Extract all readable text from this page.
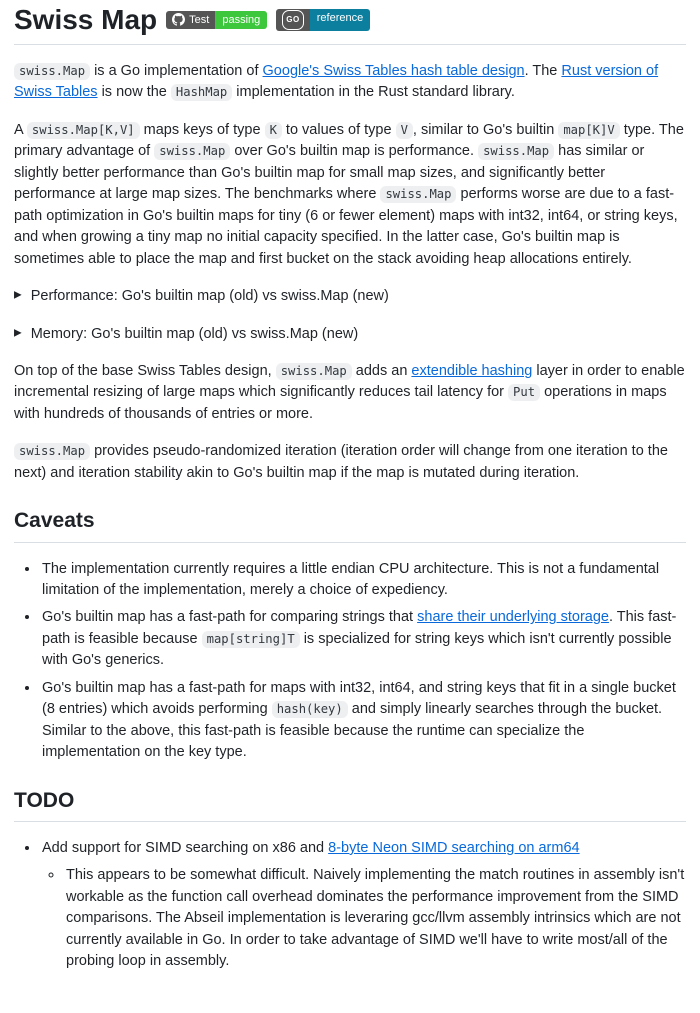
Swiss Map	Test	passing	GO	reference

swiss.Map is a Go implementation of Google's Swiss Tables hash table design. The Rust version of Swiss Tables is now the HashMap implementation in the Rust standard library.

A swiss.Map[K,V] maps keys of type K to values of type V , similar to Go's builtin map[K]V type. The primary advantage of swiss.Map over Go's builtin map is performance. swiss.Map has similar or slightly better performance than Go's builtin map for small map sizes, and significantly better performance at large map sizes. The benchmarks where swiss.Map performs worse are due to a fast-path optimization in Go's builtin maps for tiny (6 or fewer element) maps with int32, int64, or string keys, and when growing a tiny map no initial capacity specified. In the latter case, Go's builtin map is sometimes able to place the map and first bucket on the stack avoiding heap allocations entirely.

▶ Performance: Go's builtin map (old) vs swiss.Map (new)
▶ Memory: Go's builtin map (old) vs swiss.Map (new)

On top of the base Swiss Tables design, swiss.Map adds an extendible hashing layer in order to enable incremental resizing of large maps which significantly reduces tail latency for Put operations in maps with hundreds of thousands of entries or more.

swiss.Map provides pseudo-randomized iteration (iteration order will change from one iteration to the next) and iteration stability akin to Go's builtin map if the map is mutated during iteration.

Caveats
• The implementation currently requires a little endian CPU architecture. This is not a fundamental limitation of the implementation, merely a choice of expediency.
• Go's builtin map has a fast-path for comparing strings that share their underlying storage. This fast-path is feasible because map[string]T is specialized for string keys which isn't currently possible with Go's generics.
• Go's builtin map has a fast-path for maps with int32, int64, and string keys that fit in a single bucket (8 entries) which avoids performing hash(key) and simply linearly searches through the bucket. Similar to the above, this fast-path is feasible because the runtime can specialize the implementation on the key type.
TODO
• Add support for SIMD searching on x86 and 8-byte Neon SIMD searching on arm64
◦ This appears to be somewhat difficult. Naively implementing the match routines in assembly isn't workable as the function call overhead dominates the performance improvement from the SIMD comparisons. The Abseil implementation is leveraring gcc/llvm assembly intrinsics which are not currently available in Go. In order to take advantage of SIMD we'll have to write most/all of the probing loop in assembly.
